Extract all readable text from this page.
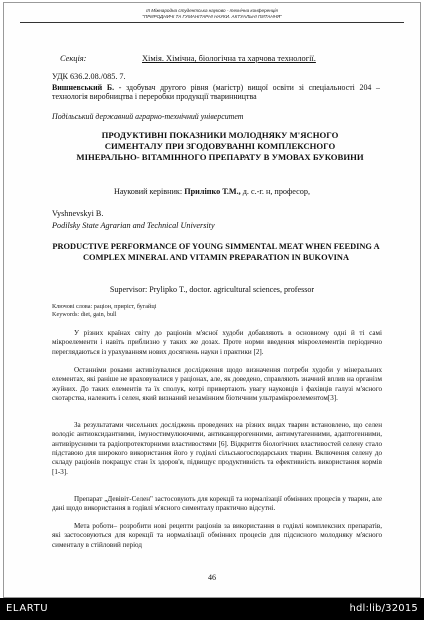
ІІІ Міжнародна студентська науково - технічна конференція
"ПРИРОДНИЧІ ТА ГУМАНІТАРНІ НАУКИ. АКТУАЛЬНІ ПИТАННЯ"
Секція:	Хімія. Хімічна, біологічна та харчова технології.
УДК 636.2.08./085. 7.
Вишневський Б. - здобувач другого рівня (магістр) вищої освіти зі спеціальності 204 – технологія виробництва і переробки продукції тваринництва
Подільський державний аграрно-технічний університет
ПРОДУКТИВНІ ПОКАЗНИКИ МОЛОДНЯКУ М'ЯСНОГО СИМЕНТАЛУ ПРИ ЗГОДОВУВАННІ КОМПЛЕКСНОГО МІНЕРАЛЬНО- ВІТАМІННОГО ПРЕПАРАТУ В УМОВАХ БУКОВИНИ
Науковий керівник: Приліпко Т.М., д. с.-г. н, професор,
Vyshnevskyi B.
Podilsky State Agrarian and Technical University
PRODUCTIVE PERFORMANCE OF YOUNG SIMMENTAL MEAT WHEN FEEDING A COMPLEX MINERAL AND VITAMIN PREPARATION IN BUKOVINA
Supervisor: Prylipko T., doctor. agricultural sciences, professor
Ключові слова: раціон, приріст, бугайці
Keywords: diet, gain, bull

У різних країнах світу до раціонів м'ясної худоби добавляють в основному одні й ті самі мікроелементи і навіть приблизно у таких же дозах. Проте норми введення мікроелементів періодично переглядаються із урахуванням нових досягнень науки і практики [2].

Останніми роками активізувалися дослідження щодо визначення потреби худоби у мінеральних елементах, які раніше не враховувалися у раціонах, але, як доведено, справляють значний вплив на організм жуйних. До таких елементів та їх сполук, котрі привертають увагу науковців і фахівців галузі м'ясного скотарства, належить і селен, який визнаний незамінним біотичним ультрамікроелементом[3].

За результатами чисельних досліджень проведених на різних видах тварин встановлено, що селен володіє антиоксидантними, імуностимулюючими, антиканцерогенними, антимутагенними, адаптогенними, антивірусними та радіопротекторними властивостями [6]. Відкриття біологічних властивостей селену стало підставою для широкого використання його у годівлі сільськогосподарських тварин. Включення селену до складу раціонів покращує стан їх здоров'я, підвищує продуктивність та ефективність використання кормів [1-3].

Препарат „Девівіт-Селен" застосовують для корекції та нормалізації обмінних процесів у тварин, але дані щодо використання в годівлі м'ясного сименталу практично відсутні.

Мета роботи– розробити нові рецепти раціонів за використання в годівлі комплексних препаратів, які застосовуються для корекції та нормалізації обмінних процесів для підсисного молодняку м'ясного сименталу в стійловий період

46
ELARTU	hdl:lib/32015
